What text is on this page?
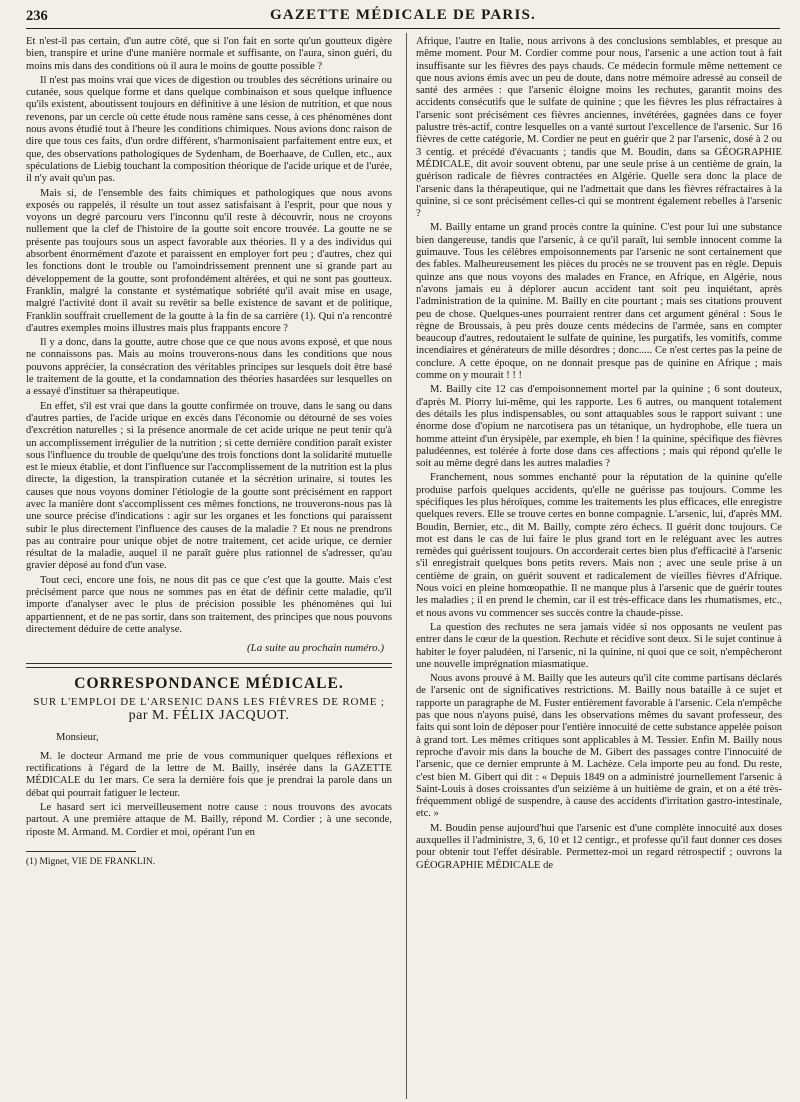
236	GAZETTE MÉDICALE DE PARIS.

Et n'est-il pas certain, d'un autre côté, que si l'on fait en sorte qu'un goutteux digère bien, transpire et urine d'une manière normale et suffisante, on l'aura, sinon guéri, du moins mis dans des conditions où il aura le moins de goutte possible ?

Il n'est pas moins vrai que vices de digestion ou troubles des sécrétions urinaire ou cutanée, sous quelque forme et dans quelque combinaison et sous quelque influence qu'ils existent, aboutissent toujours en définitive à une lésion de nutrition, et que nous revenons, par un cercle où cette étude nous ramène sans cesse, à ces phénomènes dont nous avons étudié tout à l'heure les conditions chimiques. Nous avions donc raison de dire que tous ces faits, d'un ordre différent, s'harmonisaient parfaitement entre eux, et que, des observations pathologiques de Sydenham, de Boerhaave, de Cullen, etc., aux spéculations de Liebig touchant la composition théorique de l'acide urique et de l'urée, il n'y avait qu'un pas.

Mais si, de l'ensemble des faits chimiques et pathologiques que nous avons exposés ou rappelés, il résulte un tout assez satisfaisant à l'esprit, pour que nous y voyons un degré parcouru vers l'inconnu qu'il reste à découvrir, nous ne croyons nullement que la clef de l'histoire de la goutte soit encore trouvée. La goutte ne se présente pas toujours sous un aspect favorable aux théories. Il y a des individus qui absorbent énormément d'azote et paraissent en employer fort peu ; d'autres, chez qui les fonctions dont le trouble ou l'amoindrissement prennent une si grande part au développement de la goutte, sont profondément altérées, et qui ne sont pas goutteux. Franklin, malgré la constante et systématique sobriété qu'il avait mise en usage, malgré l'activité dont il avait su revêtir sa belle existence de savant et de politique, Franklin souffrait cruellement de la goutte à la fin de sa carrière (1). Qui n'a rencontré d'autres exemples moins illustres mais plus frappants encore ?

Il y a donc, dans la goutte, autre chose que ce que nous avons exposé, et que nous ne connaissons pas. Mais au moins trouverons-nous dans les conditions que nous pouvons apprécier, la consécration des véritables principes sur lesquels doit être basé le traitement de la goutte, et la condamnation des théories hasardées sur lesquelles on a essayé d'instituer sa thérapeutique.

En effet, s'il est vrai que dans la goutte confirmée on trouve, dans le sang ou dans d'autres parties, de l'acide urique en excès dans l'économie ou détourné de ses voies d'excrétion naturelles ; si la présence anormale de cet acide urique ne peut tenir qu'à un accomplissement irrégulier de la nutrition ; si cette dernière condition paraît exister sous l'influence du trouble de quelqu'une des trois fonctions dont la solidarité mutuelle est le mieux établie, et dont l'influence sur l'accomplissement de la nutrition est la plus directe, la digestion, la transpiration cutanée et la sécrétion urinaire, si toutes les causes que nous voyons dominer l'étiologie de la goutte sont précisément en rapport avec la manière dont s'accomplissent ces mêmes fonctions, ne trouverons-nous pas là une source précise d'indications : agir sur les organes et les fonctions qui paraissent subir le plus directement l'influence des causes de la maladie ? Et nous ne prendrons pas au contraire pour unique objet de notre traitement, cet acide urique, ce dernier résultat de la maladie, auquel il ne paraît guère plus rationnel de s'adresser, qu'au gravier déposé au fond d'un vase.

Tout ceci, encore une fois, ne nous dit pas ce que c'est que la goutte. Mais c'est précisément parce que nous ne sommes pas en état de définir cette maladie, qu'il importe d'analyser avec le plus de précision possible les phénomènes qui lui appartiennent, et de ne pas sortir, dans son traitement, des principes que nous pouvons directement déduire de cette analyse.

(La suite au prochain numéro.)

CORRESPONDANCE MÉDICALE.
SUR L'EMPLOI DE L'ARSENIC DANS LES FIÈVRES DE ROME ;
par M. FÉLIX JACQUOT.

Monsieur,

M. le docteur Armand me prie de vous communiquer quelques réflexions et rectifications à l'égard de la lettre de M. Bailly, insérée dans la GAZETTE MÉDICALE du 1er mars. Ce sera la dernière fois que je prendrai la parole dans un débat qui pourrait fatiguer le lecteur.

Le hasard sert ici merveilleusement notre cause : nous trouvons des avocats partout. A une première attaque de M. Bailly, répond M. Cordier ; à une seconde, riposte M. Armand. M. Cordier et moi, opérant l'un en

(1) Mignet, VIE DE FRANKLIN.

Afrique, l'autre en Italie, nous arrivons à des conclusions semblables, et presque au même moment. Pour M. Cordier comme pour nous, l'arsenic a une action tout à fait insuffisante sur les fièvres des pays chauds. Ce médecin formule même nettement ce que nous avions émis avec un peu de doute, dans notre mémoire adressé au conseil de santé des armées : que l'arsenic éloigne moins les rechutes, garantit moins des accidents consécutifs que le sulfate de quinine ; que les fièvres les plus réfractaires à l'arsenic sont précisément ces fièvres anciennes, invétérées, gagnées dans ce foyer palustre très-actif, contre lesquelles on a vanté surtout l'excellence de l'arsenic. Sur 16 fièvres de cette catégorie, M. Cordier ne peut en guérir que 2 par l'arsenic, dosé à 2 ou 3 centig. et précédé d'évacuants ; tandis que M. Boudin, dans sa GÉOGRAPHIE MÉDICALE, dit avoir souvent obtenu, par une seule prise à un centième de grain, la guérison radicale de fièvres contractées en Algérie. Quelle sera donc la place de l'arsenic dans la thérapeutique, qui ne l'admettait que dans les fièvres réfractaires à la quinine, si ce sont précisément celles-ci qui se montrent également rebelles à l'arsenic ?

M. Bailly entame un grand procès contre la quinine. C'est pour lui une substance bien dangereuse, tandis que l'arsenic, à ce qu'il paraît, lui semble innocent comme la guimauve. Tous les célèbres empoisonnements par l'arsenic ne sont certainement que des fables. Malheureusement les pièces du procès ne se trouvent pas en règle. Depuis quinze ans que nous voyons des malades en France, en Afrique, en Algérie, nous n'avons jamais eu à déplorer aucun accident tant soit peu inquiétant, après l'administration de la quinine. M. Bailly en cite pourtant ; mais ses citations prouvent peu de chose. Quelques-unes pourraient rentrer dans cet argument général : Sous le règne de Broussais, à peu près douze cents médecins de l'armée, sans en compter beaucoup d'autres, redoutaient le sulfate de quinine, les purgatifs, les vomitifs, comme incendiaires et générateurs de mille désordres ; donc..... Ce n'est certes pas la peine de conclure. A cette époque, on ne donnait presque pas de quinine en Afrique ; mais comme on y mourait ! ! !

M. Bailly cite 12 cas d'empoisonnement mortel par la quinine ; 6 sont douteux, d'après M. Piorry lui-même, qui les rapporte. Les 6 autres, ou manquent totalement des détails les plus indispensables, ou sont attaquables sous le rapport suivant : une énorme dose d'opium ne narcotisera pas un tétanique, un hydrophobe, elle tuera un homme atteint d'un érysipèle, par exemple, eh bien ! la quinine, spécifique des fièvres paludéennes, est tolérée à forte dose dans ces affections ; mais qui répond qu'elle le soit au même degré dans les autres maladies ?

Franchement, nous sommes enchanté pour la réputation de la quinine qu'elle produise parfois quelques accidents, qu'elle ne guérisse pas toujours. Comme les spécifiques les plus héroïques, comme les traitements les plus efficaces, elle enregistre quelques revers. Elle se trouve certes en bonne compagnie. L'arsenic, lui, d'après MM. Boudin, Bernier, etc., dit M. Bailly, compte zéro échecs. Il guérit donc toujours. Ce mot est dans le cas de lui faire le plus grand tort en le reléguant avec les autres remèdes qui guérissent toujours. On accorderait certes bien plus d'efficacité à l'arsenic s'il enregistrait quelques bons petits revers. Mais non ; avec une seule prise à un centième de grain, on guérit souvent et radicalement de vieilles fièvres d'Afrique. Nous voici en pleine homœopathie. Il ne manque plus à l'arsenic que de guérir toutes les maladies ; il en prend le chemin, car il est très-efficace dans les rhumatismes, etc., et nous avons vu commencer ses succès contre la chaude-pisse.

La question des rechutes ne sera jamais vidée si nos opposants ne veulent pas entrer dans le cœur de la question. Rechute et récidive sont deux. Si le sujet continue à habiter le foyer paludéen, ni l'arsenic, ni la quinine, ni quoi que ce soit, n'empêcheront une nouvelle imprégnation miasmatique.

Nous avons prouvé à M. Bailly que les auteurs qu'il cite comme partisans déclarés de l'arsenic ont de significatives restrictions. M. Bailly nous bataille à ce sujet et rapporte un paragraphe de M. Fuster entièrement favorable à l'arsenic. Cela n'empêche pas que nous n'ayons puisé, dans les observations mêmes du savant professeur, des faits qui sont loin de déposer pour l'entière innocuité de cette substance appelée poison à grand tort. Les mêmes critiques sont applicables à M. Tessier. Enfin M. Bailly nous reproche d'avoir mis dans la bouche de M. Gibert des passages contre l'innocuité de l'arsenic, que ce dernier emprunte à M. Lachèze. Cela importe peu au fond. Du reste, c'est bien M. Gibert qui dit : « Depuis 1849 on a administré journellement l'arsenic à Saint-Louis à doses croissantes d'un seizième à un huitième de grain, et on a été très-fréquemment obligé de suspendre, à cause des accidents d'irritation gastro-intestinale, etc. »

M. Boudin pense aujourd'hui que l'arsenic est d'une complète innocuité aux doses auxquelles il l'administre, 3, 6, 10 et 12 centigr., et professe qu'il faut donner ces doses pour obtenir tout l'effet désirable. Permettez-moi un regard rétrospectif ; ouvrons la GÉOGRAPHIE MÉDICALE de
